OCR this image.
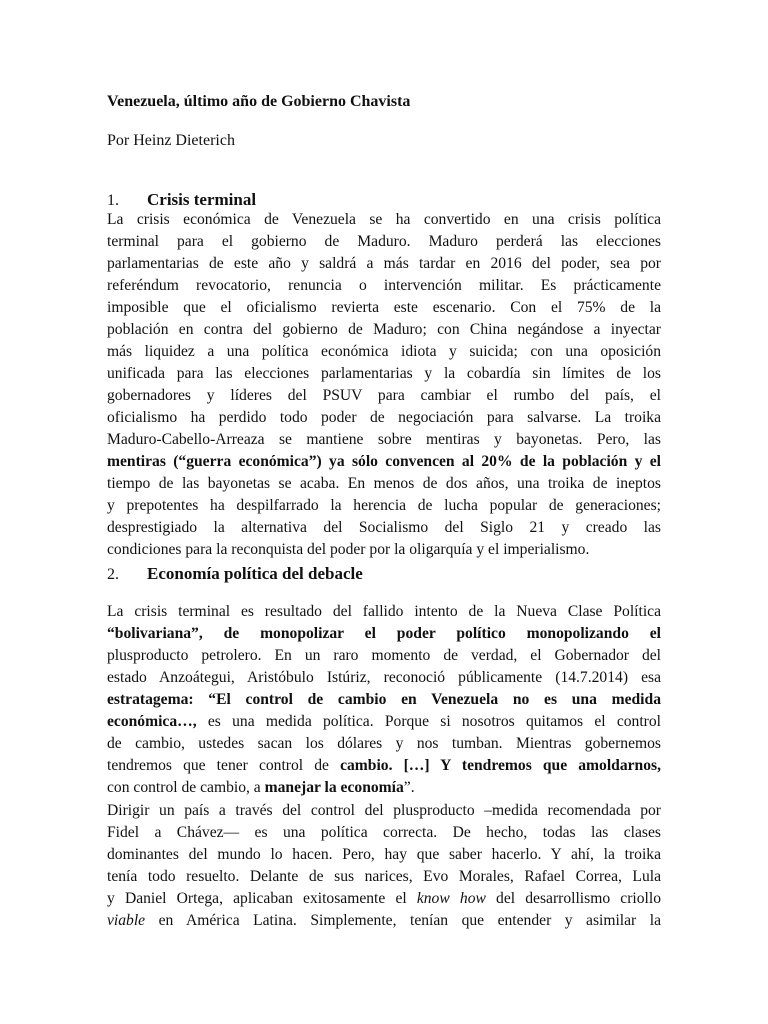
Venezuela, último año de Gobierno Chavista
Por Heinz Dieterich
1. Crisis terminal
La crisis económica de Venezuela se ha convertido en una crisis política
terminal para el gobierno de Maduro. Maduro perderá las elecciones
parlamentarias de este año y saldrá a más tardar en 2016 del poder, sea por
referéndum revocatorio, renuncia o intervención militar. Es prácticamente
imposible que el oficialismo revierta este escenario. Con el 75% de la
población en contra del gobierno de Maduro; con China negándose a inyectar
más liquidez a una política económica idiota y suicida; con una oposición
unificada para las elecciones parlamentarias y la cobardía sin límites de los
gobernadores y líderes del PSUV para cambiar el rumbo del país, el
oficialismo ha perdido todo poder de negociación para salvarse. La troika
Maduro-Cabello-Arreaza se mantiene sobre mentiras y bayonetas. Pero, las
mentiras (“guerra económica”) ya sólo convencen al 20% de la población y el
tiempo de las bayonetas se acaba. En menos de dos años, una troika de ineptos
y prepotentes ha despilfarrado la herencia de lucha popular de generaciones;
desprestigiado la alternativa del Socialismo del Siglo 21 y creado las
condiciones para la reconquista del poder por la oligarquía y el imperialismo.
2. Economía política del debacle
La crisis terminal es resultado del fallido intento de la Nueva Clase Política
“bolivariana”, de monopolizar el poder político monopolizando el
plusproducto petrolero. En un raro momento de verdad, el Gobernador del
estado Anzoátegui, Aristóbulo Istúriz, reconoció públicamente (14.7.2014) esa
estratagema: “El control de cambio en Venezuela no es una medida
económica…, es una medida política. Porque si nosotros quitamos el control
de cambio, ustedes sacan los dólares y nos tumban. Mientras gobernemos
tendremos que tener control de cambio. […] Y tendremos que amoldarnos,
con control de cambio, a manejar la economía”.
Dirigir un país a través del control del plusproducto –medida recomendada por
Fidel a Chávez— es una política correcta. De hecho, todas las clases
dominantes del mundo lo hacen. Pero, hay que saber hacerlo. Y ahí, la troika
tenía todo resuelto. Delante de sus narices, Evo Morales, Rafael Correa, Lula
y Daniel Ortega, aplicaban exitosamente el know how del desarrollismo criollo
viable en América Latina. Simplemente, tenían que entender y asimilar la
